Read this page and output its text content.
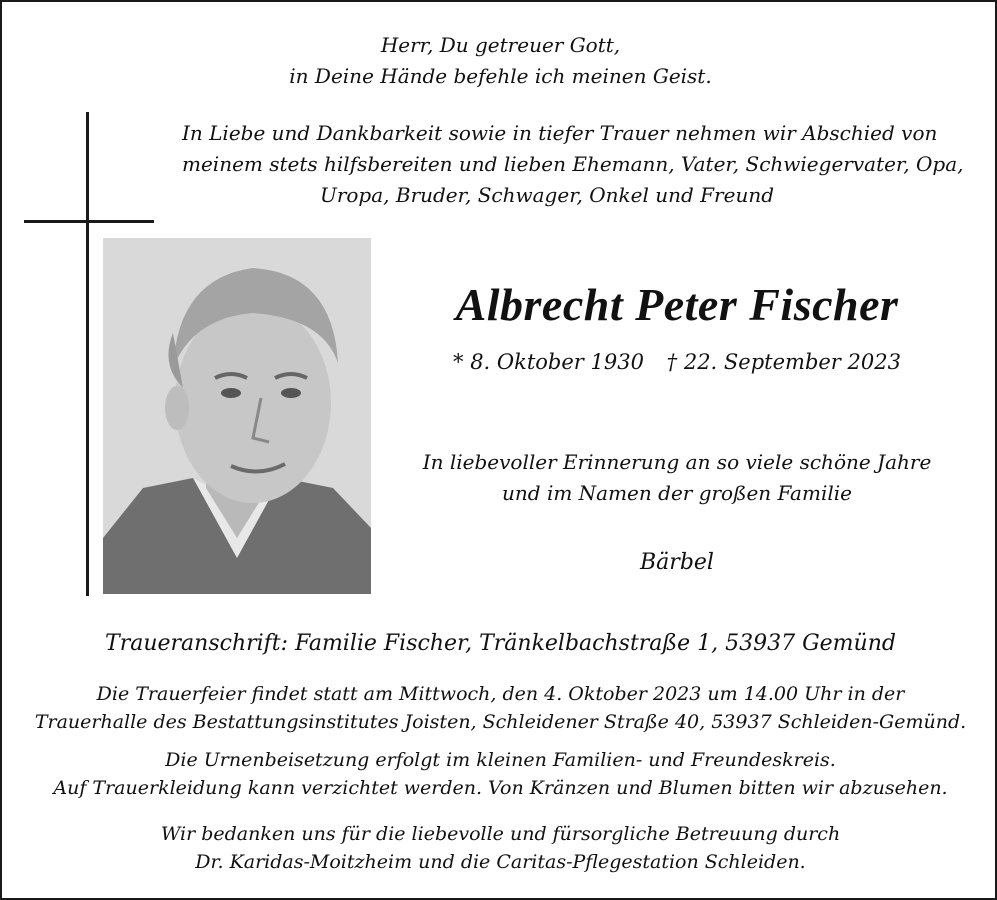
Herr, Du getreuer Gott,
in Deine Hände befehle ich meinen Geist.
In Liebe und Dankbarkeit sowie in tiefer Trauer nehmen wir Abschied von
meinem stets hilfsbereiten und lieben Ehemann, Vater, Schwiegervater, Opa,
Uropa, Bruder, Schwager, Onkel und Freund
Albrecht Peter Fischer
* 8. Oktober 1930 † 22. September 2023
In liebevoller Erinnerung an so viele schöne Jahre
und im Namen der großen Familie
Bärbel
Traueranschrift: Familie Fischer, Tränkelbachstraße 1, 53937 Gemünd
Die Trauerfeier findet statt am Mittwoch, den 4. Oktober 2023 um 14.00 Uhr in der
Trauerhalle des Bestattungsinstitutes Joisten, Schleidener Straße 40, 53937 Schleiden-Gemünd.
Die Urnenbeisetzung erfolgt im kleinen Familien- und Freundeskreis.
Auf Trauerkleidung kann verzichtet werden. Von Kränzen und Blumen bitten wir abzusehen.
Wir bedanken uns für die liebevolle und fürsorgliche Betreuung durch
Dr. Karidas-Moitzheim und die Caritas-Pflegestation Schleiden.
